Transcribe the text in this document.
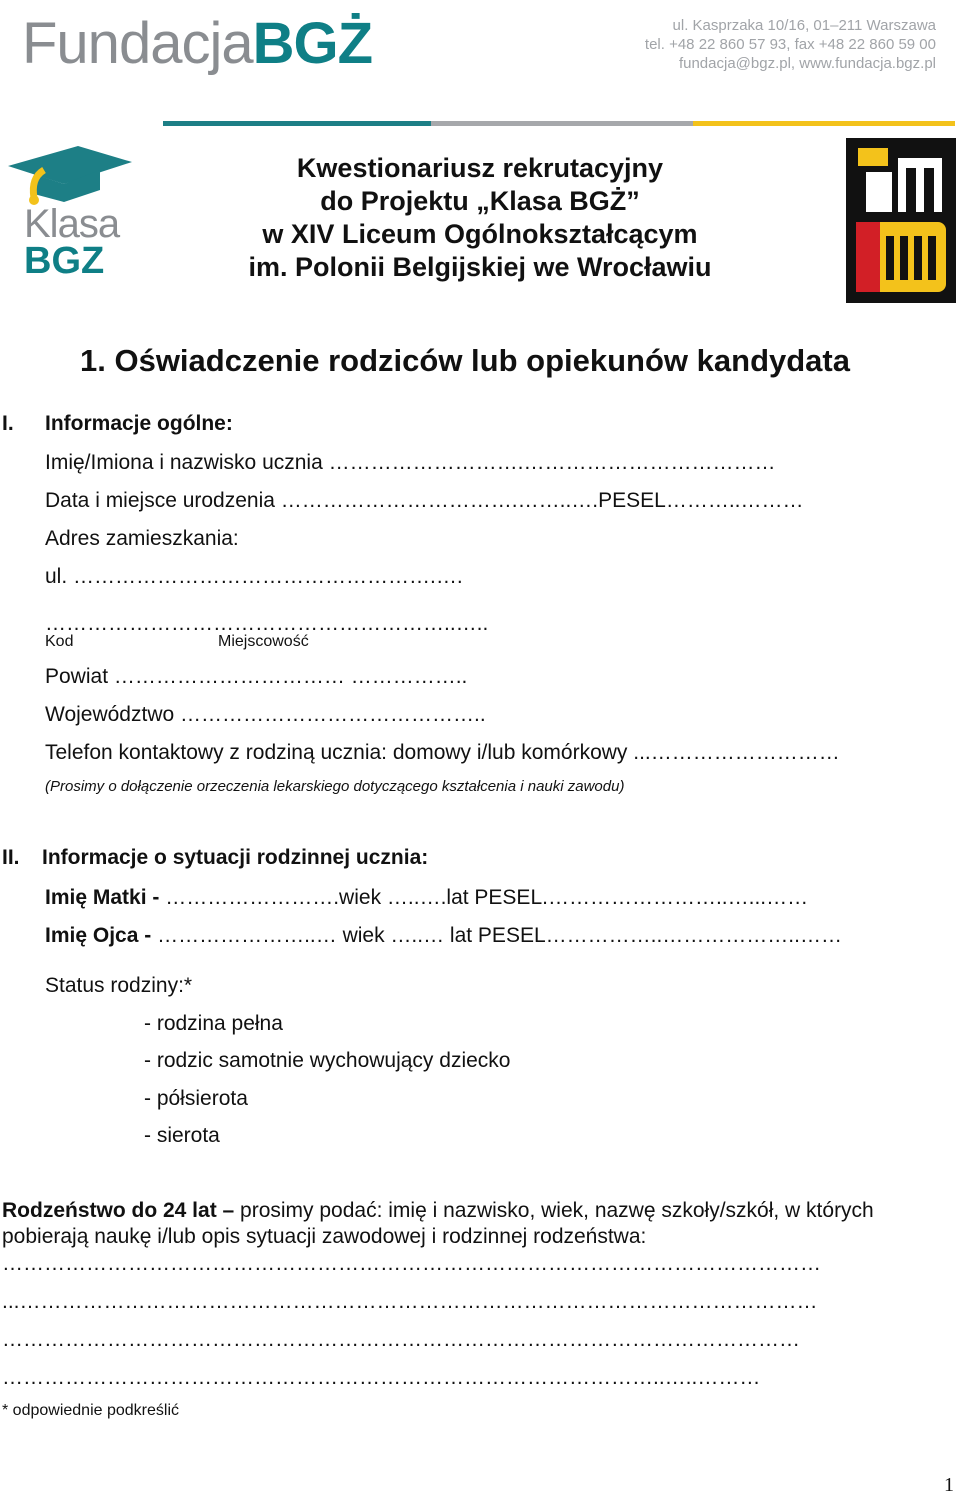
FundacjaBGŻ	ul. Kasprzaka 10/16, 01–211 Warszawa
tel. +48 22 860 57 93, fax +48 22 860 59 00
fundacja@bgz.pl, www.fundacja.bgz.pl
Klasa
BGZ
Kwestionariusz rekrutacyjny
do Projektu „Klasa BGŻ”
w XIV Liceum Ogólnokształcącym
im. Polonii Belgijskiej we Wrocławiu
1. Oświadczenie rodziców lub opiekunów kandydata
I. Informacje ogólne:
Imię/Imiona i nazwisko ucznia ……………………….………………………………
Data i miejsce urodzenia …………………………….……..….PESEL………..………
Adres zamieszkania:
ul. …………………………………………….….
…………………………………………………..…..
Kod	Miejscowość
Powiat …………………………… ……………..
Województwo ……………………………………..
Telefon kontaktowy z rodziną ucznia: domowy i/lub komórkowy ...………………………
(Prosimy o dołączenie orzeczenia lekarskiego dotyczącego kształcenia i nauki zawodu)
II. Informacje o sytuacji rodzinnej ucznia:
Imię Matki - …………………….wiek …..….lat PESEL.……………………..…...……
Imię Ojca - …………………..… wiek …..… lat PESEL……………..………………..……
Status rodziny:*
- rodzina pełna
- rodzic samotnie wychowujący dziecko
- półsierota
- sierota
Rodzeństwo do 24 lat – prosimy podać: imię i nazwisko, wiek, nazwę szkoły/szkół, w których
pobierają naukę i/lub opis sytuacji zawodowej i rodzinnej rodzeństwa:
………………………………………………………………………………………………………
...……………………………………………………………………………………………………
……………………………………………………………………………………………………
…………………………………………………………………………………..…..………
* odpowiednie podkreślić
1
